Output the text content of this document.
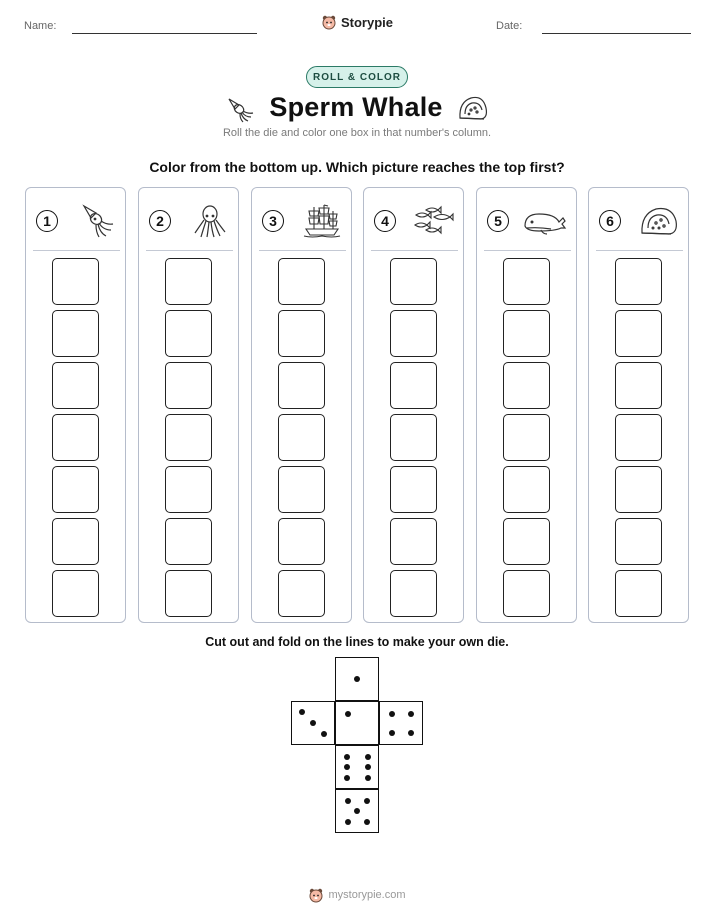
Name:	Storypie	Date:
ROLL & COLOR
Sperm Whale
Roll the die and color one box in that number's column.
Color from the bottom up. Which picture reaches the top first?
1	2	3	4	5	6
Cut out and fold on the lines to make your own die.
mystorypie.com
